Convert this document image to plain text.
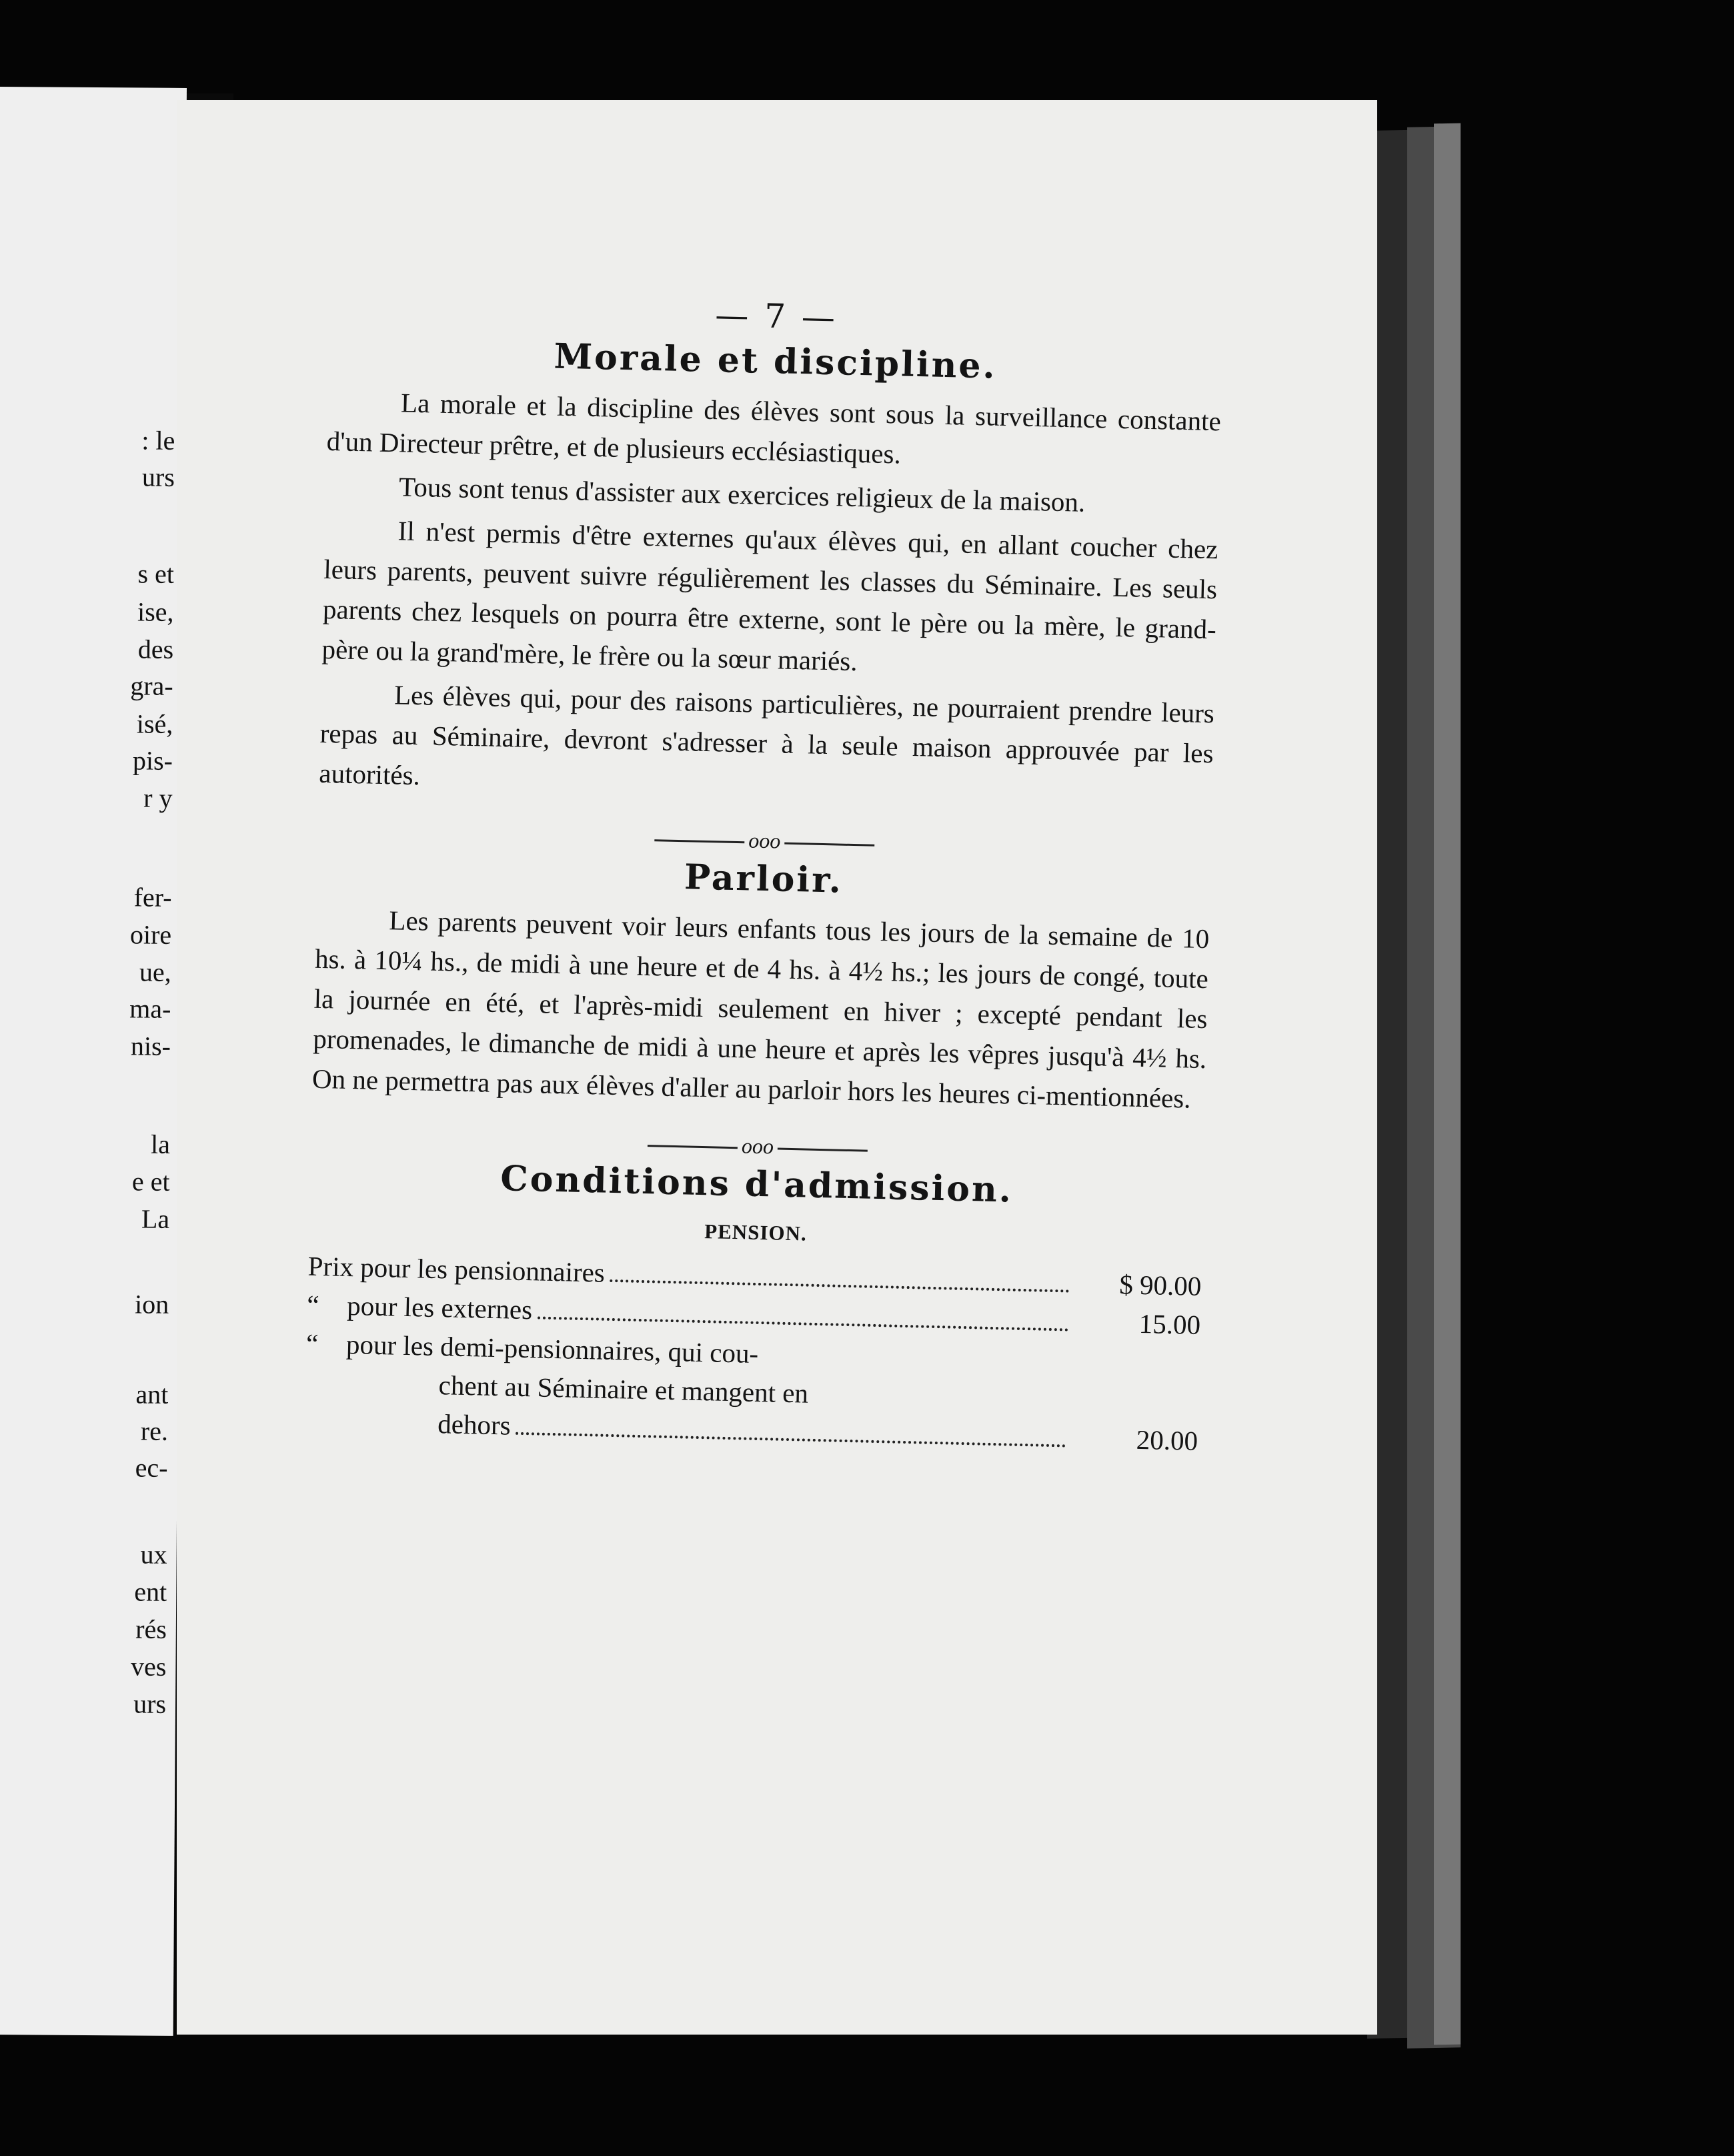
: le
urs
s et
ise,
des
gra-
isé,
pis-
r y
fer-
oire
ue,
ma-
nis-
la
e et
La
ion
ant
re.
ec-
ux
ent
rés
ves
urs
— 7 —
Morale et discipline.

La morale et la discipline des élèves sont sous la surveillance constante d'un Directeur prêtre, et de plusieurs ecclésiastiques.

Tous sont tenus d'assister aux exercices religieux de la maison.

Il n'est permis d'être externes qu'aux élèves qui, en allant coucher chez leurs parents, peuvent suivre régulièrement les classes du Séminaire. Les seuls parents chez lesquels on pourra être externe, sont le père ou la mère, le grand-père ou la grand'mère, le frère ou la sœur mariés.

Les élèves qui, pour des raisons particulières, ne pourraient prendre leurs repas au Séminaire, devront s'adresser à la seule maison approuvée par les autorités.

ooo
Parloir.

Les parents peuvent voir leurs enfants tous les jours de la semaine de 10 hs. à 10¼ hs., de midi à une heure et de 4 hs. à 4½ hs.; les jours de congé, toute la journée en été, et l'après-midi seulement en hiver ; excepté pendant les promenades, le dimanche de midi à une heure et après les vêpres jusqu'à 4½ hs. On ne permettra pas aux élèves d'aller au parloir hors les heures ci-mentionnées.

ooo
Conditions d'admission.
PENSION.
Prix pour les pensionnaires	$ 90.00

“ pour les externes	15.00

“ pour les demi-pensionnaires, qui cou-
chent au Séminaire et mangent en
dehors	20.00
